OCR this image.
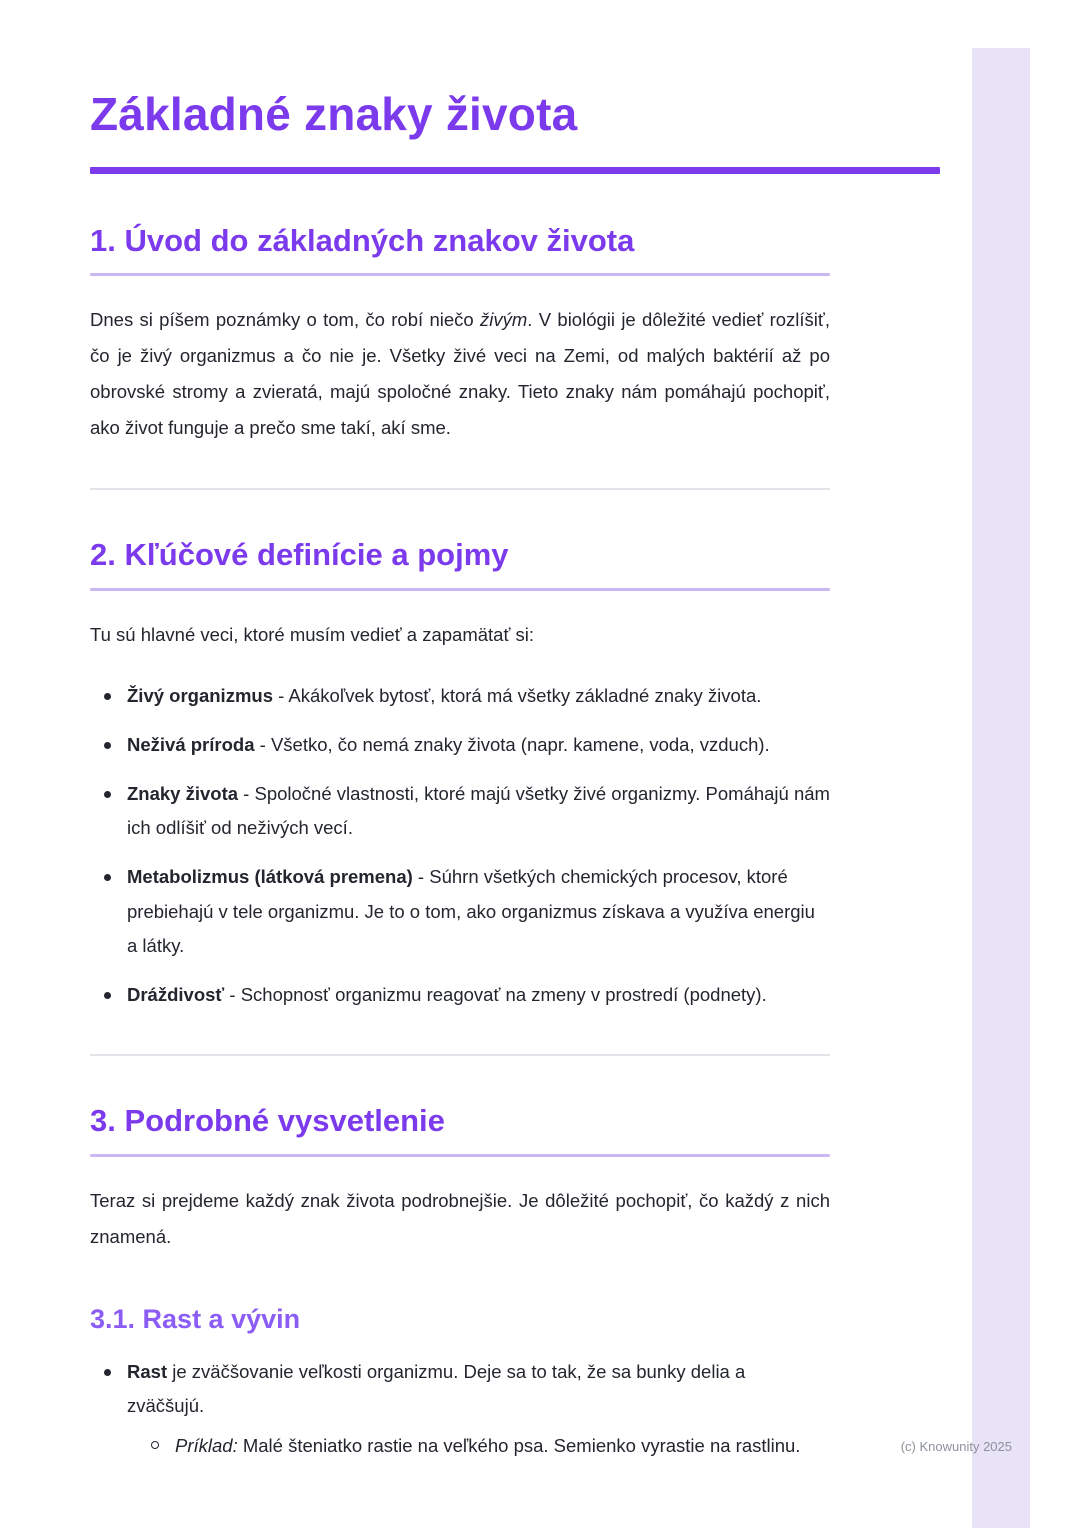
Základné znaky života
1. Úvod do základných znakov života

Dnes si píšem poznámky o tom, čo robí niečo živým. V biológii je dôležité vedieť rozlíšiť, čo je živý organizmus a čo nie je. Všetky živé veci na Zemi, od malých baktérií až po obrovské stromy a zvieratá, majú spoločné znaky. Tieto znaky nám pomáhajú pochopiť, ako život funguje a prečo sme takí, akí sme.

2. Kľúčové definície a pojmy

Tu sú hlavné veci, ktoré musím vedieť a zapamätať si:

Živý organizmus - Akákoľvek bytosť, ktorá má všetky základné znaky života.
Neživá príroda - Všetko, čo nemá znaky života (napr. kamene, voda, vzduch).
Znaky života - Spoločné vlastnosti, ktoré majú všetky živé organizmy. Pomáhajú nám ich odlíšiť od neživých vecí.
Metabolizmus (látková premena) - Súhrn všetkých chemických procesov, ktoré prebiehajú v tele organizmu. Je to o tom, ako organizmus získava a využíva energiu a látky.
Dráždivosť - Schopnosť organizmu reagovať na zmeny v prostredí (podnety).
3. Podrobné vysvetlenie

Teraz si prejdeme každý znak života podrobnejšie. Je dôležité pochopiť, čo každý z nich znamená.

3.1. Rast a vývin
Rast je zväčšovanie veľkosti organizmu. Deje sa to tak, že sa bunky delia a zväčšujú.
Príklad: Malé šteniatko rastie na veľkého psa. Semienko vyrastie na rastlinu.	(c) Knowunity 2025
